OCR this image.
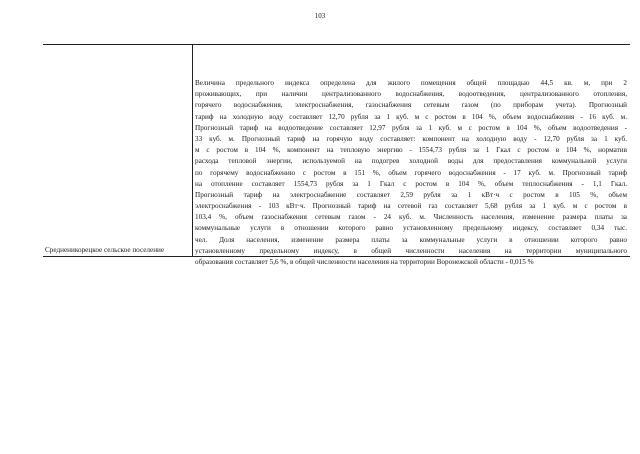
103
Средненикорецкое сельское поселение
Величина предельного индекса определена для жилого помещения общей площадью 44,5 кв. м, при 2
проживающих, при наличии централизованного водоснабжения, водоотведения, централизованного отопления,
горячего водоснабжения, электроснабжения, газоснабжения сетевым газом (по приборам учета). Прогнозный
тариф на холодную воду составляет 12,70 рубля за 1 куб. м с ростом в 104 %, объем водоснабжения - 16 куб. м.
Прогнозный тариф на водоотведение составляет 12,97 рубля за 1 куб. м с ростом в 104 %, объем водоотведения -
33 куб. м. Прогнозный тариф на горячую воду составляет: компонент на холодную воду - 12,70 рубля за 1 куб.
м с ростом в 104 %, компонент на тепловую энергию - 1554,73 рубля за 1 Гкал с ростом в 104 %, норматив
расхода тепловой энергии, используемой на подогрев холодной воды для предоставления коммунальной услуги
по горячему водоснабжению с ростом в 151 %, объем горячего водоснабжения - 17 куб. м. Прогнозный тариф
на отопление составляет 1554,73 рубля за 1 Гкал с ростом в 104 %, объем теплоснабжения - 1,1 Гкал.
Прогнозный тариф на электроснабжение составляет 2,59 рубля за 1 кВт·ч с ростом в 105 %, объем
электроснабжения - 103 кВт·ч. Прогнозный тариф на сетевой газ составляет 5,68 рубля за 1 куб. м с ростом в
103,4 %, объем газоснабжения сетевым газом - 24 куб. м. Численность населения, изменение размера платы за
коммунальные услуги в отношении которого равно установленному предельному индексу, составляет 0,34 тыс.
чел. Доля населения, изменение размера платы за коммунальные услуги в отношении которого равно
установленному предельному индексу, в общей численности населения на территории муниципального
образования составляет 5,6 %, в общей численности населения на территории Воронежской области - 0,015 %
